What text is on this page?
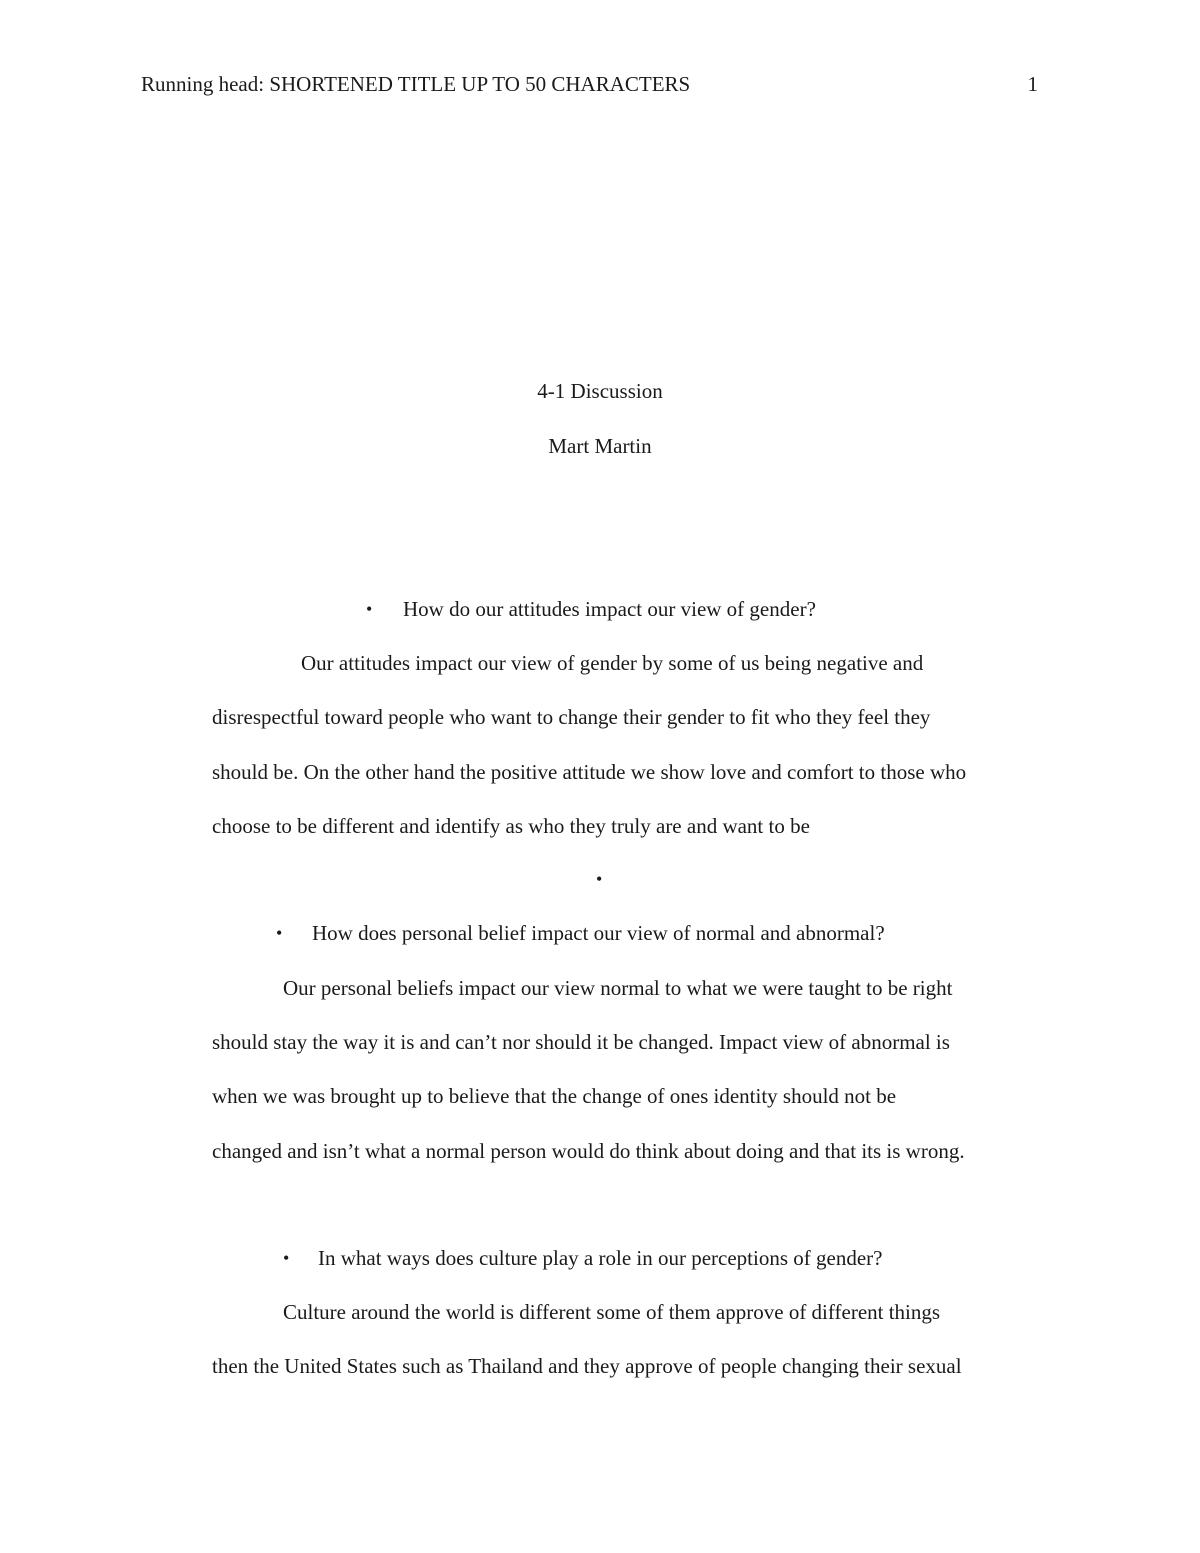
Running head: SHORTENED TITLE UP TO 50 CHARACTERS	1
4-1 Discussion
Mart Martin
• How do our attitudes impact our view of gender?
Our attitudes impact our view of gender by some of us being negative and
disrespectful toward people who want to change their gender to fit who they feel they
should be. On the other hand the positive attitude we show love and comfort to those who
choose to be different and identify as who they truly are and want to be
•
• How does personal belief impact our view of normal and abnormal?
Our personal beliefs impact our view normal to what we were taught to be right
should stay the way it is and can’t nor should it be changed. Impact view of abnormal is
when we was brought up to believe that the change of ones identity should not be
changed and isn’t what a normal person would do think about doing and that its is wrong.
• In what ways does culture play a role in our perceptions of gender?
Culture around the world is different some of them approve of different things
then the United States such as Thailand and they approve of people changing their sexual
